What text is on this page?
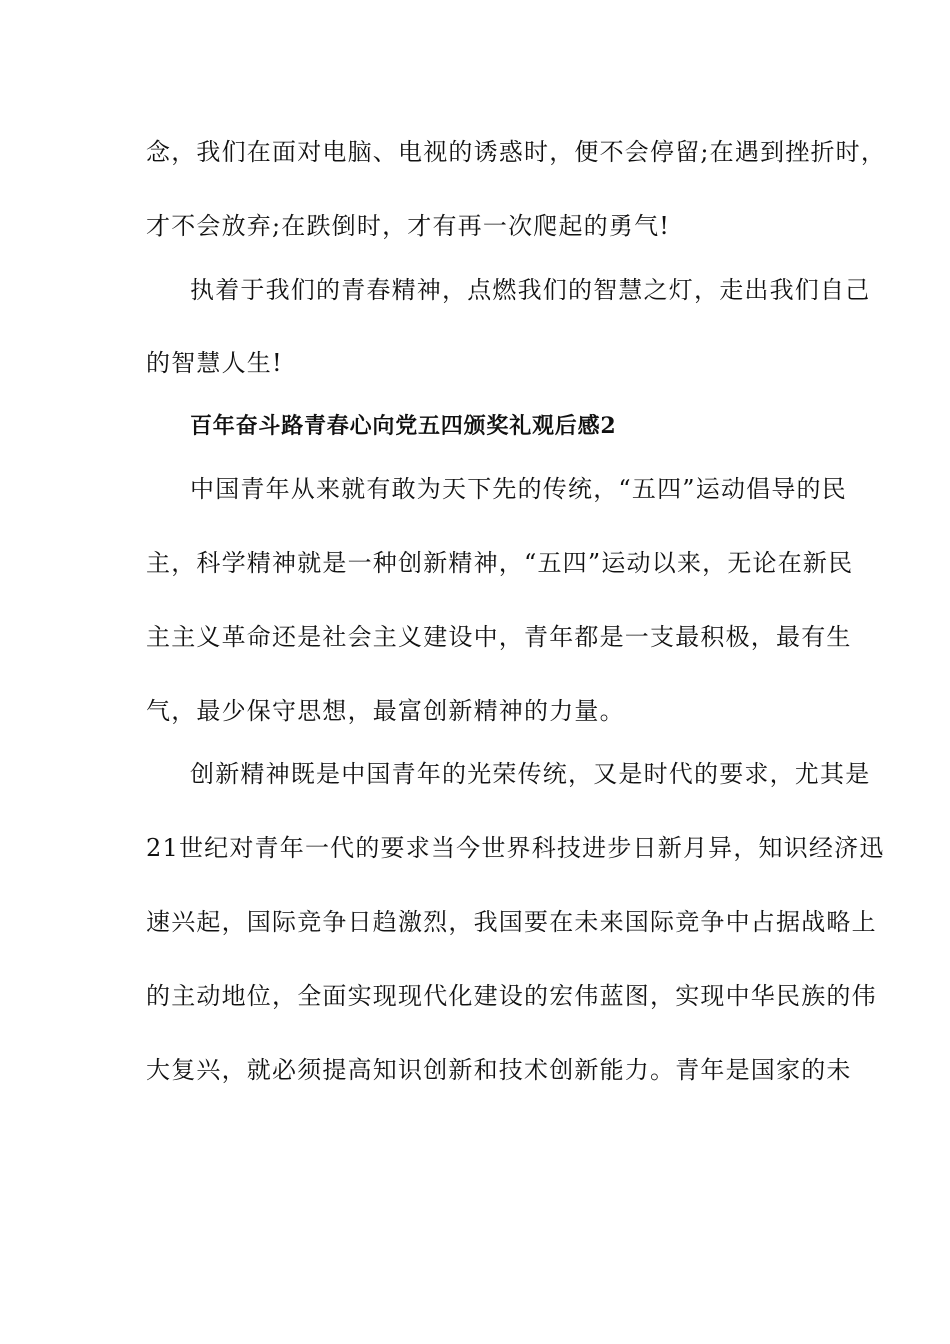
念，我们在面对电脑、电视的诱惑时，便不会停留;在遇到挫折时，
才不会放弃;在跌倒时，才有再一次爬起的勇气!
执着于我们的青春精神，点燃我们的智慧之灯，走出我们自己
的智慧人生!
百年奋斗路青春心向党五四颁奖礼观后感2
中国青年从来就有敢为天下先的传统，“五四”运动倡导的民
主，科学精神就是一种创新精神，“五四”运动以来，无论在新民
主主义革命还是社会主义建设中，青年都是一支最积极，最有生
气，最少保守思想，最富创新精神的力量。
创新精神既是中国青年的光荣传统，又是时代的要求，尤其是
21世纪对青年一代的要求当今世界科技进步日新月异，知识经济迅
速兴起，国际竞争日趋激烈，我国要在未来国际竞争中占据战略上
的主动地位，全面实现现代化建设的宏伟蓝图，实现中华民族的伟
大复兴，就必须提高知识创新和技术创新能力。青年是国家的未
